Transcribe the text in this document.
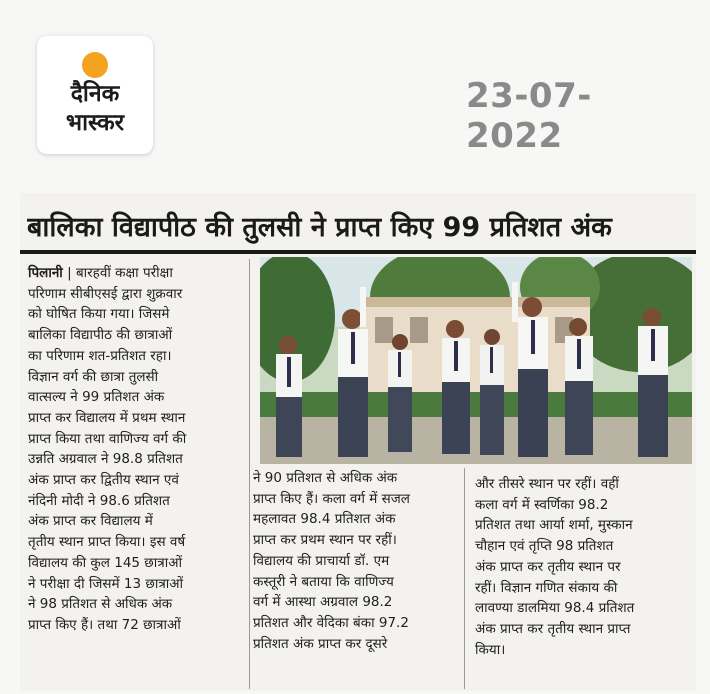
दैनिक
भास्कर
23-07-2022
बालिका विद्यापीठ की तुलसी ने प्राप्त किए 99 प्रतिशत अंक
पिलानी | बारहवीं कक्षा परीक्षा
परिणाम सीबीएसई द्वारा शुक्रवार
को घोषित किया गया। जिसमे
बालिका विद्यापीठ की छात्राओं
का परिणाम शत-प्रतिशत रहा।
विज्ञान वर्ग की छात्रा तुलसी
वात्सल्य ने 99 प्रतिशत अंक
प्राप्त कर विद्यालय में प्रथम स्थान
प्राप्त किया तथा वाणिज्य वर्ग की
उन्नति अग्रवाल ने 98.8 प्रतिशत
अंक प्राप्त कर द्वितीय स्थान एवं
नंदिनी मोदी ने 98.6 प्रतिशत
अंक प्राप्त कर विद्यालय में
तृतीय स्थान प्राप्त किया। इस वर्ष
विद्यालय की कुल 145 छात्राओं
ने परीक्षा दी जिसमें 13 छात्राओं
ने 98 प्रतिशत से अधिक अंक
प्राप्त किए हैं। तथा 72 छात्राओं
ने 90 प्रतिशत से अधिक अंक
प्राप्त किए हैं। कला वर्ग में सजल
महलावत 98.4 प्रतिशत अंक
प्राप्त कर प्रथम स्थान पर रहीं।
विद्यालय की प्राचार्या डॉ. एम
कस्तूरी ने बताया कि वाणिज्य
वर्ग में आस्था अग्रवाल 98.2
प्रतिशत और वेदिका बंका 97.2
प्रतिशत अंक प्राप्त कर दूसरे
और तीसरे स्थान पर रहीं। वहीं
कला वर्ग में स्वर्णिका 98.2
प्रतिशत तथा आर्या शर्मा, मुस्कान
चौहान एवं तृप्ति 98 प्रतिशत
अंक प्राप्त कर तृतीय स्थान पर
रहीं। विज्ञान गणित संकाय की
लावण्या डालमिया 98.4 प्रतिशत
अंक प्राप्त कर तृतीय स्थान प्राप्त
किया।
